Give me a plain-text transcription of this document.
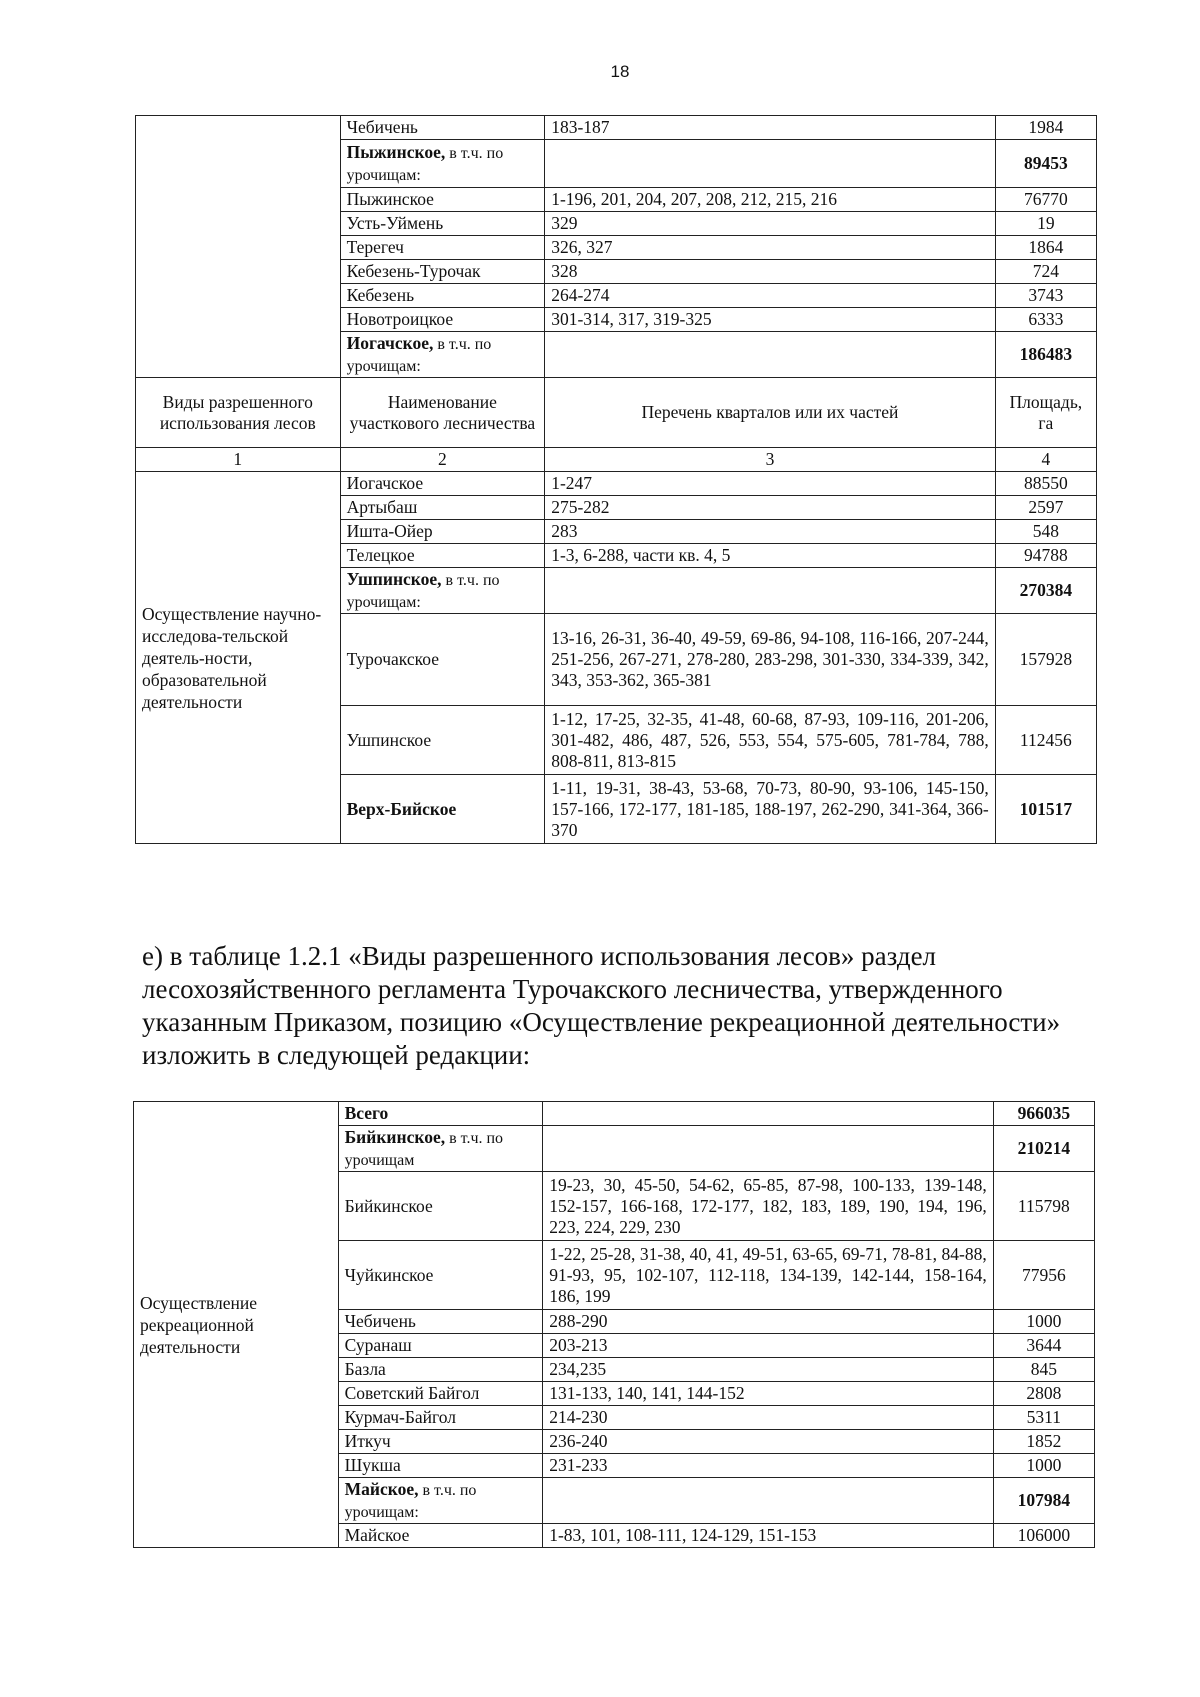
18
	Чебичень	183-187	1984
	Пыжинское, в т.ч. по урочищам:		89453
	Пыжинское	1-196, 201, 204, 207, 208, 212, 215, 216	76770
	Усть-Уймень	329	19
	Терегеч	326, 327	1864
	Кебезень-Турочак	328	724
	Кебезень	264-274	3743
	Новотроицкое	301-314, 317, 319-325	6333
	Иогачское, в т.ч. по урочищам:		186483
Виды разрешенного использования лесов	Наименование участкового лесничества	Перечень кварталов или их частей	Площадь, га
1	2	3	4
Осуществление научно-исследова-тельской деятель-ности, образовательной деятельности	Иогачское	1-247	88550
	Артыбаш	275-282	2597
	Ишта-Ойер	283	548
	Телецкое	1-3, 6-288, части кв. 4, 5	94788
	Ушпинское, в т.ч. по урочищам:		270384
	Турочакское	13-16, 26-31, 36-40, 49-59, 69-86, 94-108, 116-166, 207-244, 251-256, 267-271, 278-280, 283-298, 301-330, 334-339, 342, 343, 353-362, 365-381	157928
	Ушпинское	1-12, 17-25, 32-35, 41-48, 60-68, 87-93, 109-116, 201-206, 301-482, 486, 487, 526, 553, 554, 575-605, 781-784, 788, 808-811, 813-815	112456
	Верх-Бийское	1-11, 19-31, 38-43, 53-68, 70-73, 80-90, 93-106, 145-150, 157-166, 172-177, 181-185, 188-197, 262-290, 341-364, 366-370	101517

е) в таблице 1.2.1 «Виды разрешенного использования лесов» раздел лесохозяйственного регламента Турочакского лесничества, утвержденного указанным Приказом, позицию «Осуществление рекреационной деятельности» изложить в следующей редакции:

Осуществление рекреационной деятельности	Всего		966035
	Бийкинское, в т.ч. по урочищам		210214
	Бийкинское	19-23, 30, 45-50, 54-62, 65-85, 87-98, 100-133, 139-148, 152-157, 166-168, 172-177, 182, 183, 189, 190, 194, 196, 223, 224, 229, 230	115798
	Чуйкинское	1-22, 25-28, 31-38, 40, 41, 49-51, 63-65, 69-71, 78-81, 84-88, 91-93, 95, 102-107, 112-118, 134-139, 142-144, 158-164, 186, 199	77956
	Чебичень	288-290	1000
	Суранаш	203-213	3644
	Базла	234,235	845
	Советский Байгол	131-133, 140, 141, 144-152	2808
	Курмач-Байгол	214-230	5311
	Иткуч	236-240	1852
	Шукша	231-233	1000
	Майское, в т.ч. по урочищам:		107984
	Майское	1-83, 101, 108-111, 124-129, 151-153	106000
